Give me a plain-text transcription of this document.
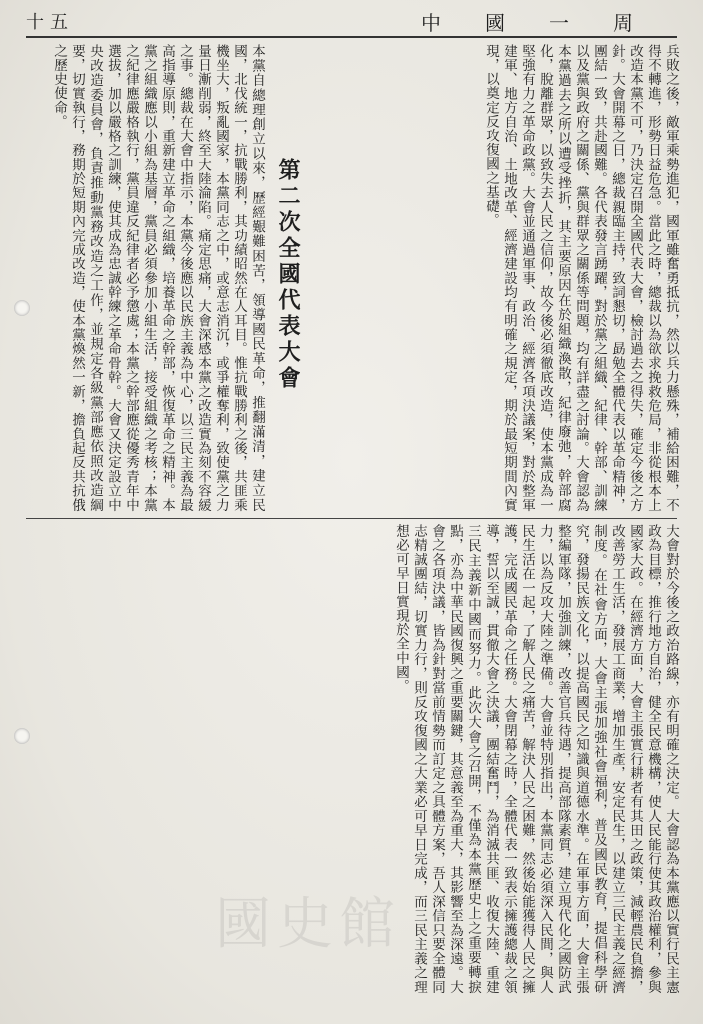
十五	中國一周
兵敗之後，敵軍乘勢進犯，國軍雖奮勇抵抗，然以兵力懸殊，補給困難，不得不轉進，形勢日益危急。當此之時，總裁以為欲求挽救危局，非從根本上改造本黨不可，乃決定召開全國代表大會，檢討過去之得失，確定今後之方針。大會開幕之日，總裁親臨主持，致詞懇切，勗勉全體代表以革命精神，團結一致，共赴國難。各代表發言踴躍，對於黨之組織、紀律、幹部、訓練以及黨與政府之關係、黨與群眾之關係等問題，均有詳盡之討論。大會認為本黨過去之所以遭受挫折，其主要原因在於組織渙散，紀律廢弛，幹部腐化，脫離群眾，以致失去人民之信仰，故今後必須徹底改造，使本黨成為一堅強有力之革命政黨。大會並通過軍事、政治、經濟各項決議案，對於整軍建軍、地方自治、土地改革、經濟建設均有明確之規定，期於最短期間內實現，以奠定反攻復國之基礎。
第二次全國代表大會
本黨自總理創立以來，歷經艱難困苦，領導國民革命，推翻滿清，建立民國，北伐統一，抗戰勝利，其功績昭然在人耳目。惟抗戰勝利之後，共匪乘機坐大，叛亂國家，本黨同志之中，或意志消沉，或爭權奪利，致使黨之力量日漸削弱，終至大陸淪陷。痛定思痛，大會深感本黨之改造實為刻不容緩之事。總裁在大會中指示，本黨今後應以民族主義為中心，以三民主義為最高指導原則，重新建立革命之組織，培養革命之幹部，恢復革命之精神。本黨之組織應以小組為基層，黨員必須參加小組生活，接受組織之考核；本黨之紀律應嚴格執行，黨員違反紀律者必予懲處；本黨之幹部應從優秀青年中選拔，加以嚴格之訓練，使其成為忠誠幹練之革命骨幹。大會又決定設立中央改造委員會，負責推動黨務改造之工作，並規定各級黨部應依照改造綱要，切實執行，務期於短期內完成改造，使本黨煥然一新，擔負起反共抗俄之歷史使命。
大會對於今後之政治路線，亦有明確之決定。大會認為本黨應以實行民主憲政為目標，推行地方自治，健全民意機構，使人民能行使其政治權利，參與國家大政。在經濟方面，大會主張實行耕者有其田之政策，減輕農民負擔，改善勞工生活，發展工商業，增加生產，安定民生，以建立三民主義之經濟制度。在社會方面，大會主張加強社會福利，普及國民教育，提倡科學研究，發揚民族文化，以提高國民之知識與道德水準。在軍事方面，大會主張整編軍隊，加強訓練，改善官兵待遇，提高部隊素質，建立現代化之國防武力，以為反攻大陸之準備。大會並特別指出，本黨同志必須深入民間，與人民生活在一起，了解人民之痛苦，解決人民之困難，然後始能獲得人民之擁護，完成國民革命之任務。大會閉幕之時，全體代表一致表示擁護總裁之領導，誓以至誠，貫徹大會之決議，團結奮鬥，為消滅共匪、收復大陸、重建三民主義新中國而努力。此次大會之召開，不僅為本黨歷史上之重要轉捩點，亦為中華民國復興之重要關鍵，其意義至為重大，其影響至為深遠。大會之各項決議，皆為針對當前情勢而訂定之具體方案，吾人深信只要全體同志精誠團結，切實力行，則反攻復國之大業必可早日完成，而三民主義之理想必可早日實現於全中國。
國史館
